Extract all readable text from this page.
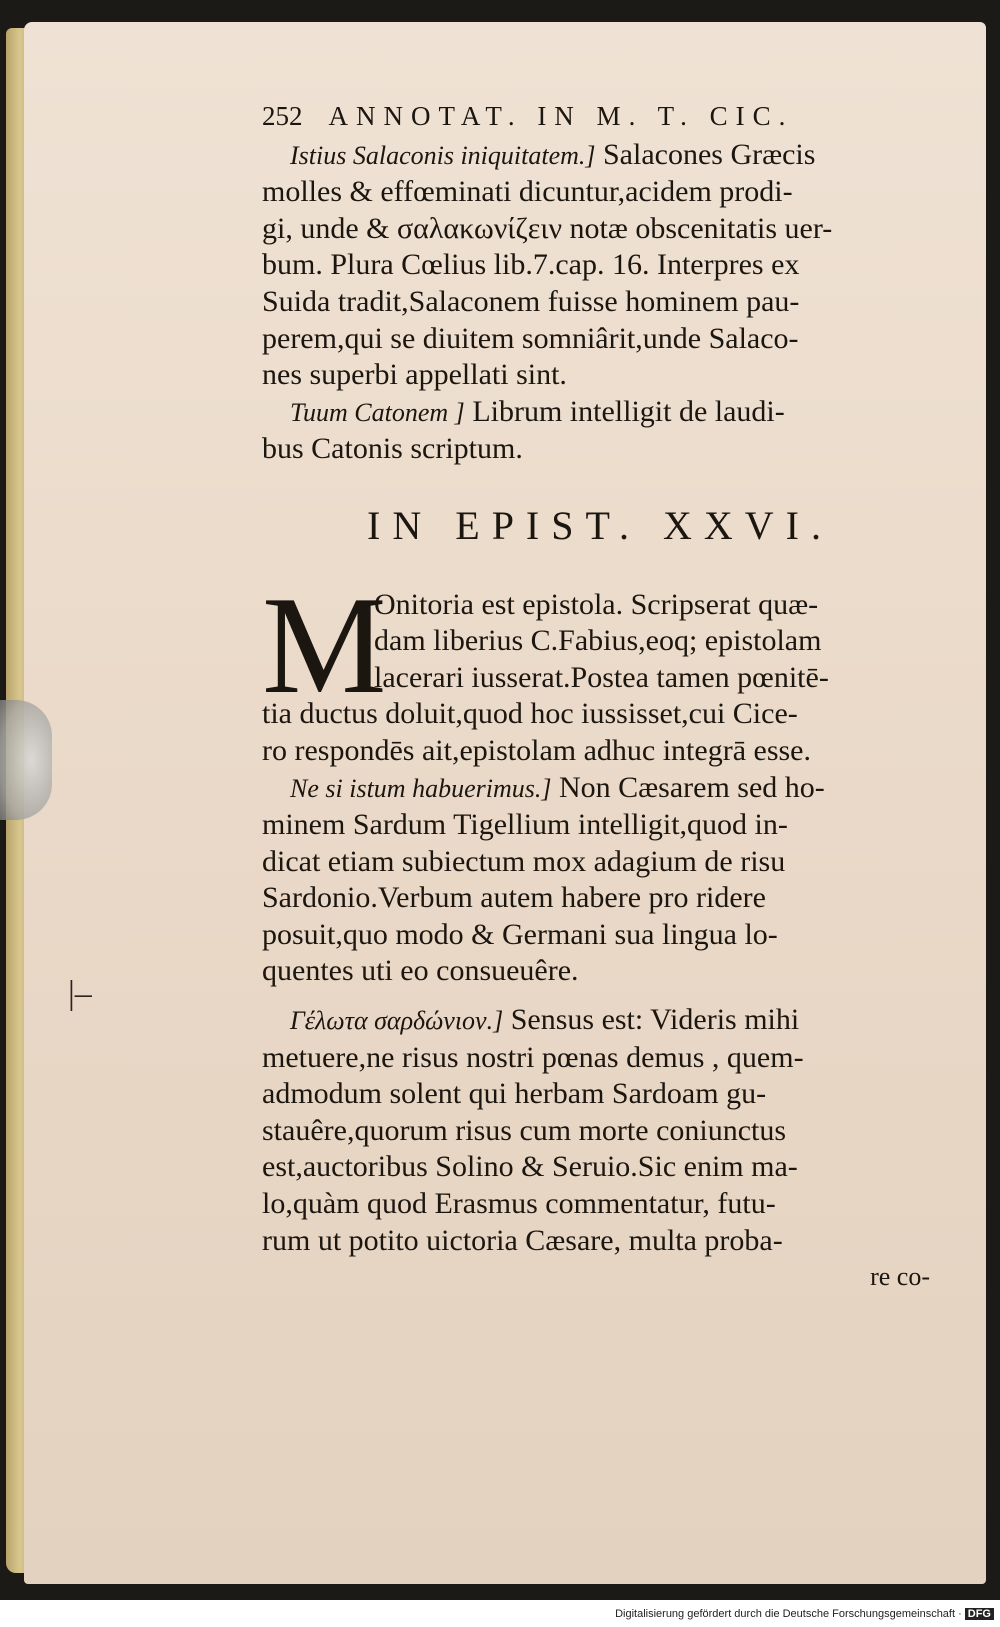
252 ANNOTAT. IN M. T. CIC.
Istius Salaconis iniquitatem.] Salacones Græcis
molles & effœminati dicuntur,acidem prodi-
gi, unde & σαλακωνίζειν notæ obscenitatis uer-
bum. Plura Cœlius lib.7.cap. 16. Interpres ex
Suida tradit,Salaconem fuisse hominem pau-
perem,qui se diuitem somniârit,unde Salaco-
nes superbi appellati sint.
Tuum Catonem ] Librum intelligit de laudi-
bus Catonis scriptum.
IN EPIST. XXVI.
M
Onitoria est epistola. Scripserat quæ-
dam liberius C.Fabius,eoq; epistolam
lacerari iusserat.Postea tamen pœnitē-
tia ductus doluit,quod hoc iussisset,cui Cice-
ro respondēs ait,epistolam adhuc integrā esse.
Ne si istum habuerimus.] Non Cæsarem sed ho-
minem Sardum Tigellium intelligit,quod in-
dicat etiam subiectum mox adagium de risu
Sardonio.Verbum autem habere pro ridere
posuit,quo modo & Germani sua lingua lo-
quentes uti eo consueuêre.
Γέλωτα σαρδώνιον.] Sensus est: Videris mihi
metuere,ne risus nostri pœnas demus , quem-
admodum solent qui herbam Sardoam gu-
stauêre,quorum risus cum morte coniunctus
est,auctoribus Solino & Seruio.Sic enim ma-
lo,quàm quod Erasmus commentatur, futu-
rum ut potito uictoria Cæsare, multa proba-
re co-
|–
Digitalisierung gefördert durch die Deutsche Forschungsgemeinschaft · DFG
